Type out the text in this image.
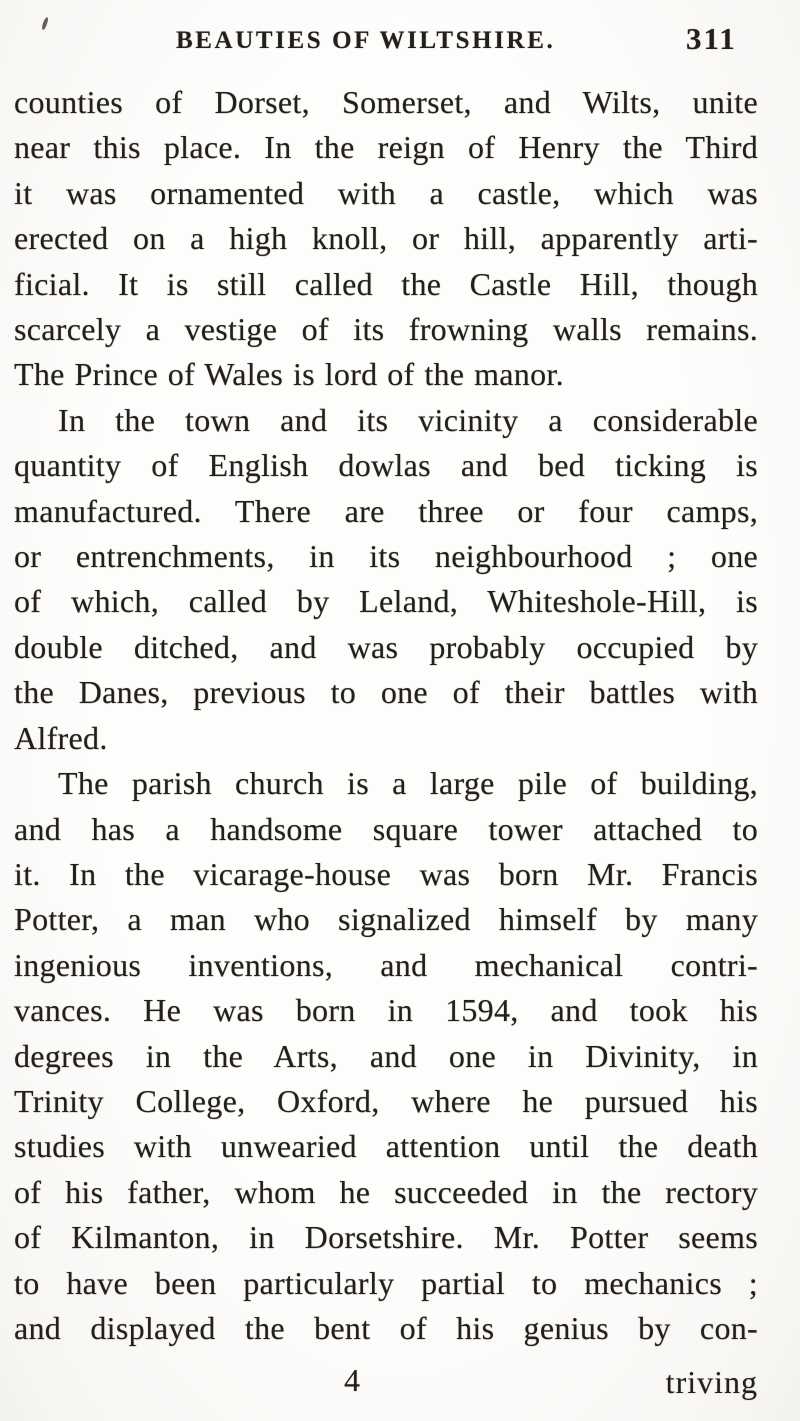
BEAUTIES OF WILTSHIRE.	311
counties of Dorset, Somerset, and Wilts, unite
near this place. In the reign of Henry the Third
it was ornamented with a castle, which was
erected on a high knoll, or hill, apparently arti-
ficial. It is still called the Castle Hill, though
scarcely a vestige of its frowning walls remains.
The Prince of Wales is lord of the manor.
In the town and its vicinity a considerable
quantity of English dowlas and bed ticking is
manufactured. There are three or four camps,
or entrenchments, in its neighbourhood ; one
of which, called by Leland, Whiteshole-Hill, is
double ditched, and was probably occupied by
the Danes, previous to one of their battles with
Alfred.
The parish church is a large pile of building,
and has a handsome square tower attached to
it. In the vicarage-house was born Mr. Francis
Potter, a man who signalized himself by many
ingenious inventions, and mechanical contri-
vances. He was born in 1594, and took his
degrees in the Arts, and one in Divinity, in
Trinity College, Oxford, where he pursued his
studies with unwearied attention until the death
of his father, whom he succeeded in the rectory
of Kilmanton, in Dorsetshire. Mr. Potter seems
to have been particularly partial to mechanics ;
and displayed the bent of his genius by con-
4	triving
